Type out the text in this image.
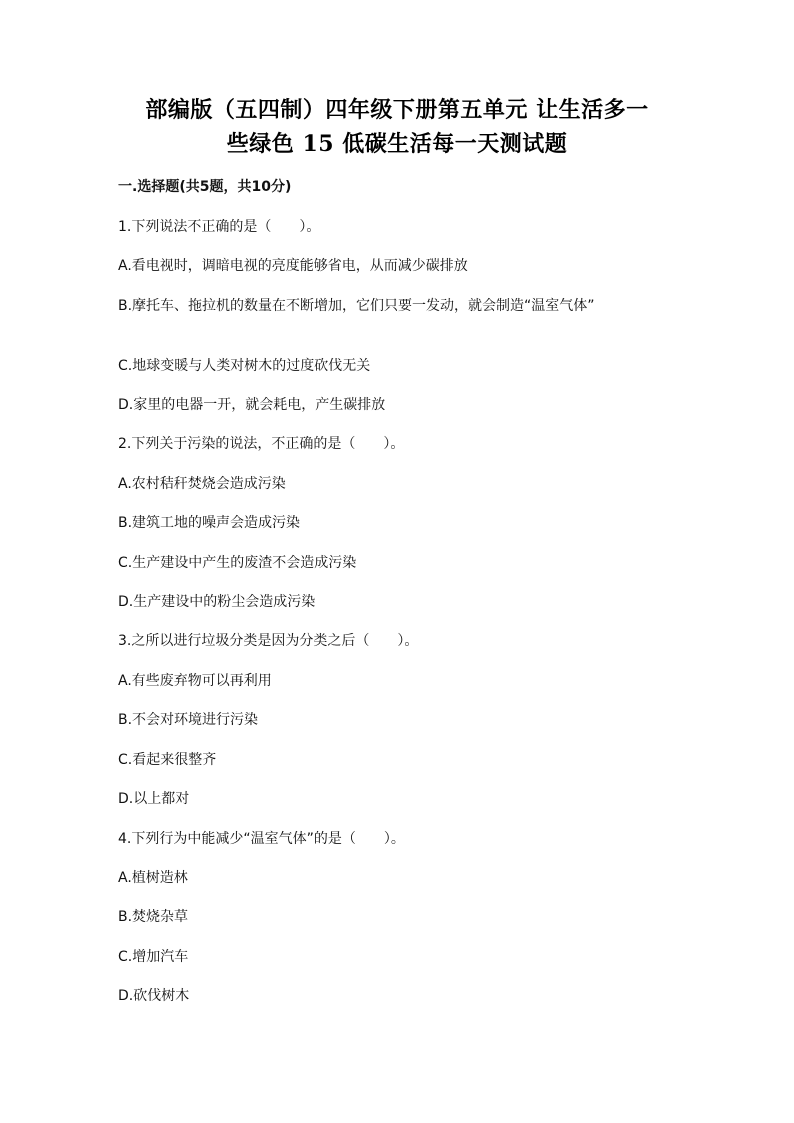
部编版（五四制）四年级下册第五单元 让生活多一
些绿色 15 低碳生活每一天测试题
一.选择题(共5题，共10分)
1.下列说法不正确的是（　　）。
A.看电视时，调暗电视的亮度能够省电，从而减少碳排放
B.摩托车、拖拉机的数量在不断增加，它们只要一发动，就会制造“温室气体”
C.地球变暖与人类对树木的过度砍伐无关
D.家里的电器一开，就会耗电，产生碳排放
2.下列关于污染的说法，不正确的是（　　）。
A.农村秸秆焚烧会造成污染
B.建筑工地的噪声会造成污染
C.生产建设中产生的废渣不会造成污染
D.生产建设中的粉尘会造成污染
3.之所以进行垃圾分类是因为分类之后（　　）。
A.有些废弃物可以再利用
B.不会对环境进行污染
C.看起来很整齐
D.以上都对
4.下列行为中能减少“温室气体”的是（　　）。
A.植树造林
B.焚烧杂草
C.增加汽车
D.砍伐树木
